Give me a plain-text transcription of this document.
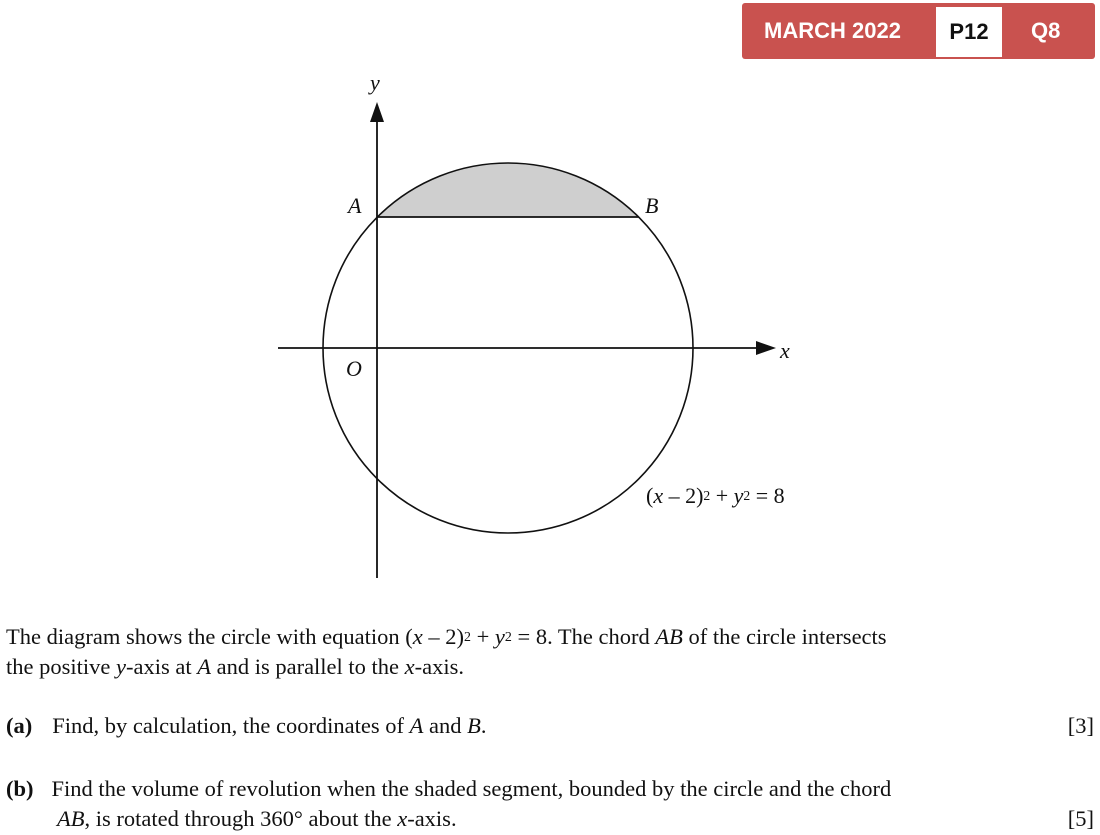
MARCH 2022	P12	Q8
y
x
O
A	B
$(x - 2)^2 + y^2 = 8$
The diagram shows the circle with equation $(x - 2)^2 + y^2 = 8$. The chord AB of the circle intersects
the positive y-axis at A and is parallel to the x-axis.
(a) Find, by calculation, the coordinates of A and B.	[3]
(b) Find the volume of revolution when the shaded segment, bounded by the circle and the chord
AB, is rotated through 360° about the x-axis.	[5]
